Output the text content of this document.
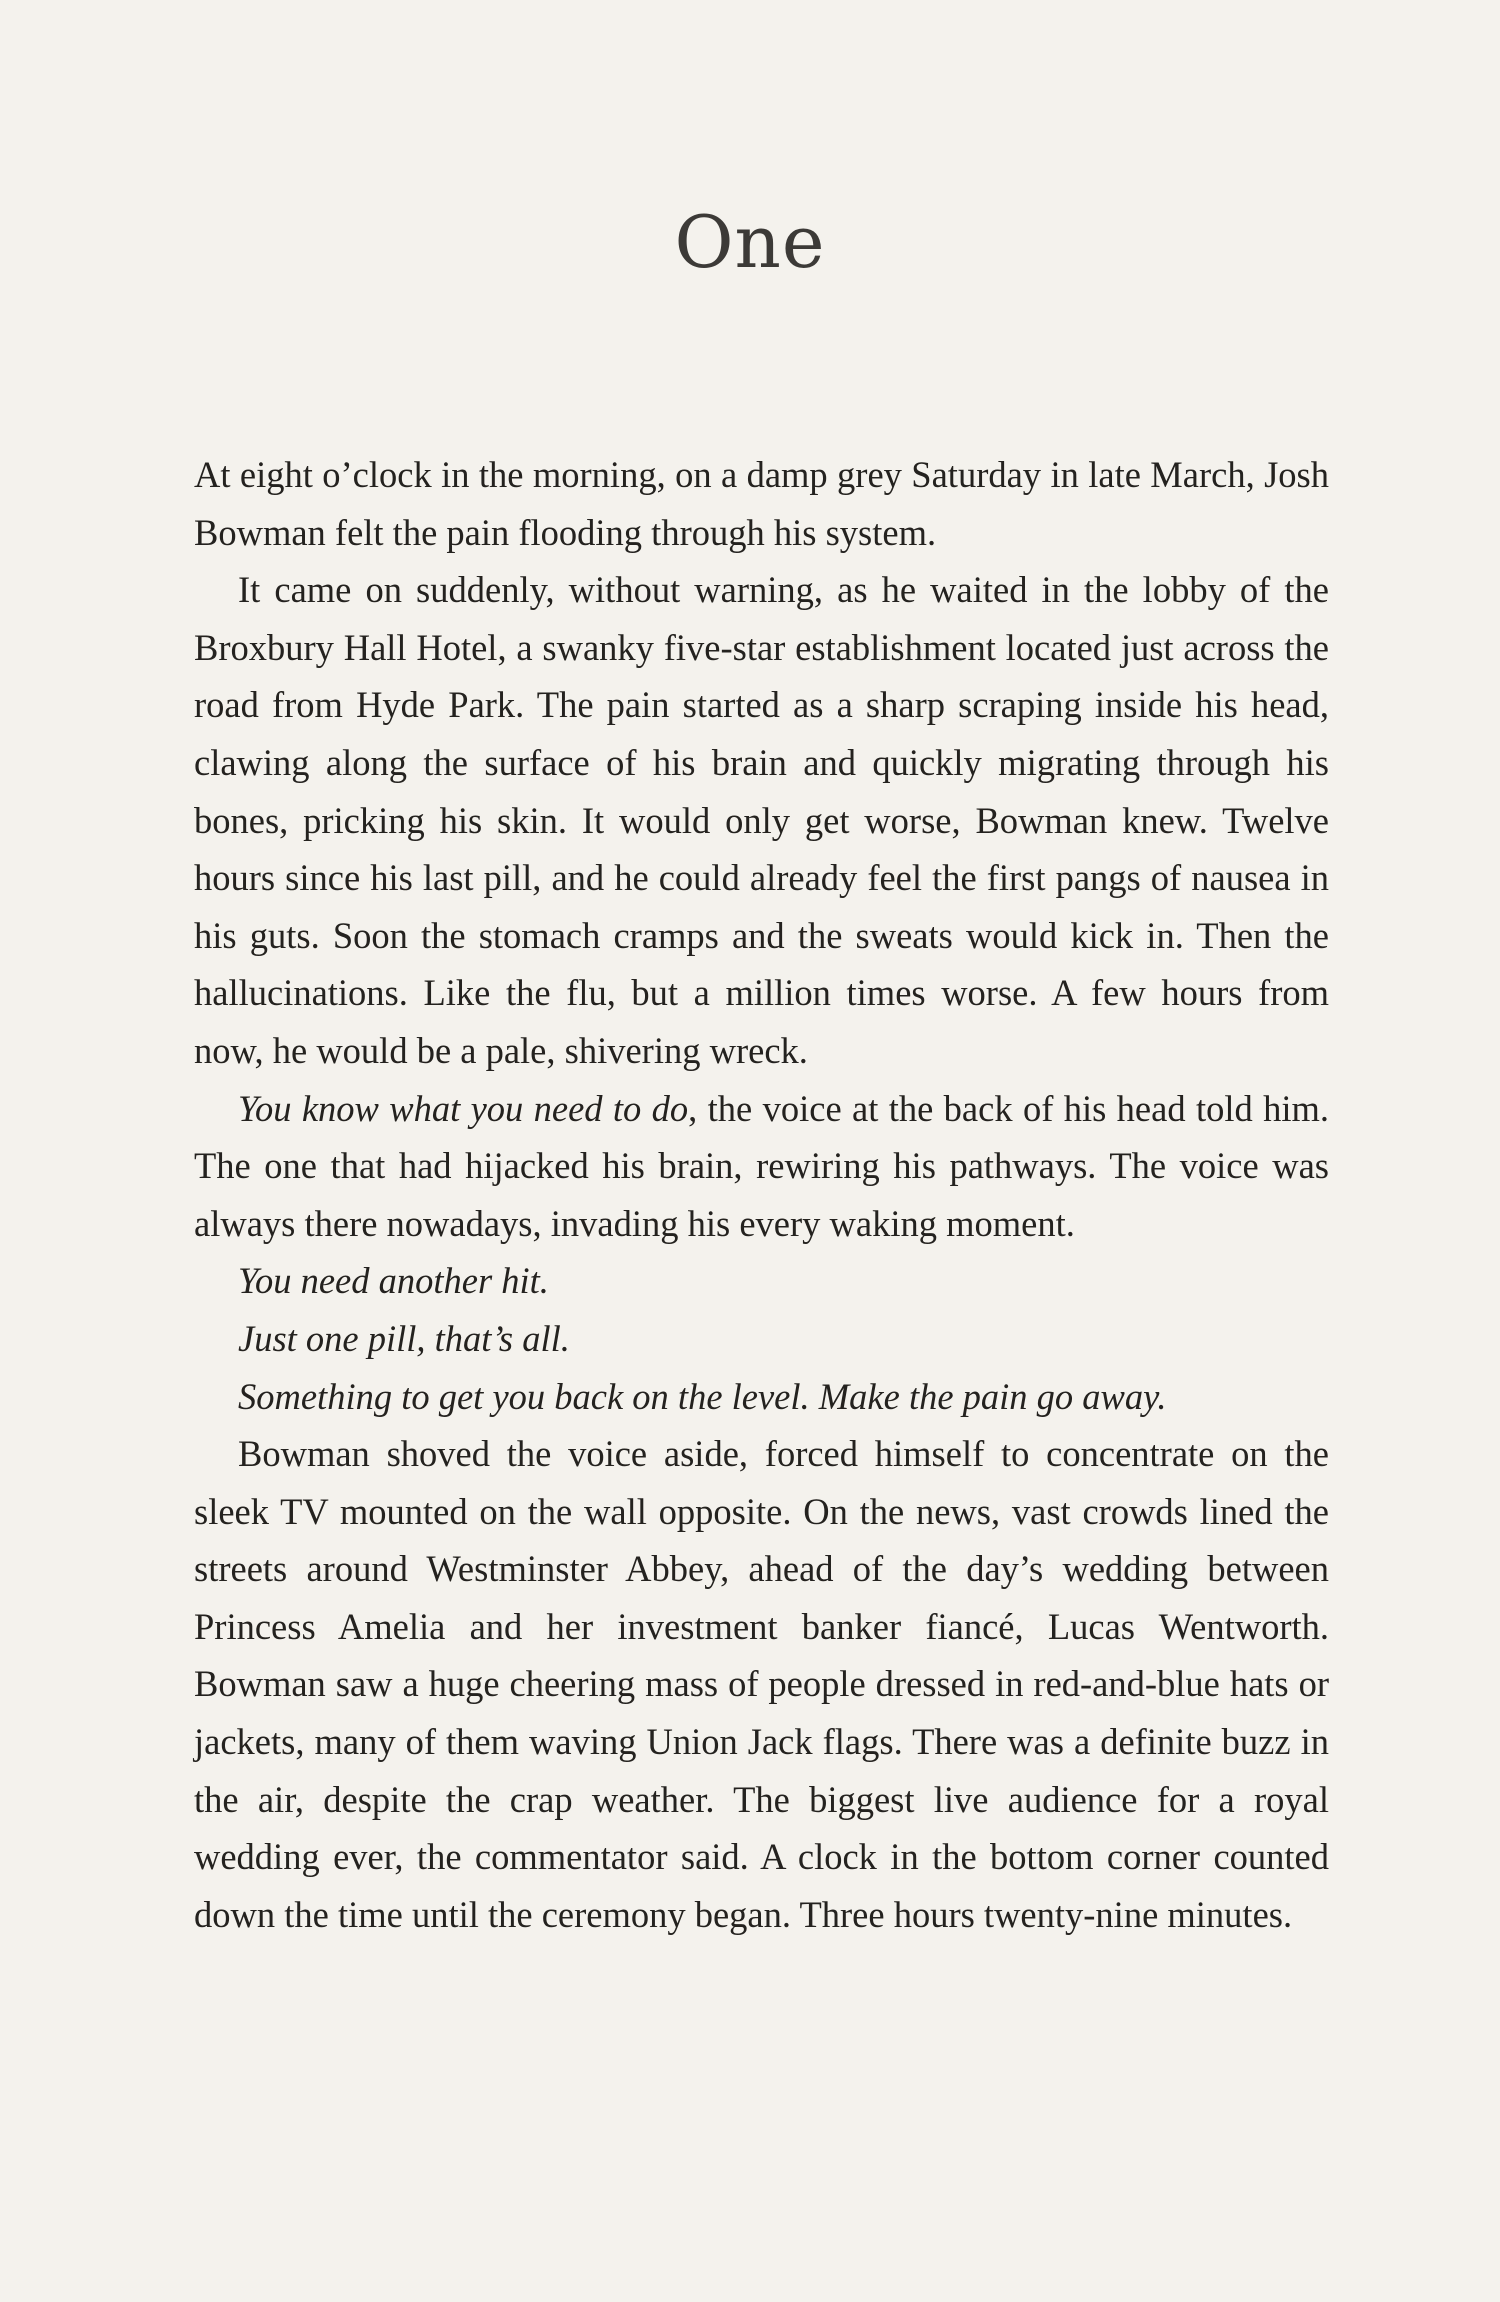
One

At eight o’clock in the morning, on a damp grey Saturday in late March, Josh Bowman felt the pain flooding through his system.

It came on suddenly, without warning, as he waited in the lobby of the Broxbury Hall Hotel, a swanky five-star establishment located just across the road from Hyde Park. The pain started as a sharp scraping inside his head, clawing along the surface of his brain and quickly migrating through his bones, pricking his skin. It would only get worse, Bowman knew. Twelve hours since his last pill, and he could already feel the first pangs of nausea in his guts. Soon the stomach cramps and the sweats would kick in. Then the hallucinations. Like the flu, but a million times worse. A few hours from now, he would be a pale, shivering wreck.

You know what you need to do, the voice at the back of his head told him. The one that had hijacked his brain, rewiring his pathways. The voice was always there nowadays, invading his every waking moment.

You need another hit.

Just one pill, that’s all.

Something to get you back on the level. Make the pain go away.

Bowman shoved the voice aside, forced himself to concentrate on the sleek TV mounted on the wall opposite. On the news, vast crowds lined the streets around Westminster Abbey, ahead of the day’s wedding between Princess Amelia and her investment banker fiancé, Lucas Wentworth. Bowman saw a huge cheering mass of people dressed in red-and-blue hats or jackets, many of them waving Union Jack flags. There was a definite buzz in the air, despite the crap weather. The biggest live audience for a royal wedding ever, the commentator said. A clock in the bottom corner counted down the time until the ceremony began. Three hours twenty-nine minutes.
